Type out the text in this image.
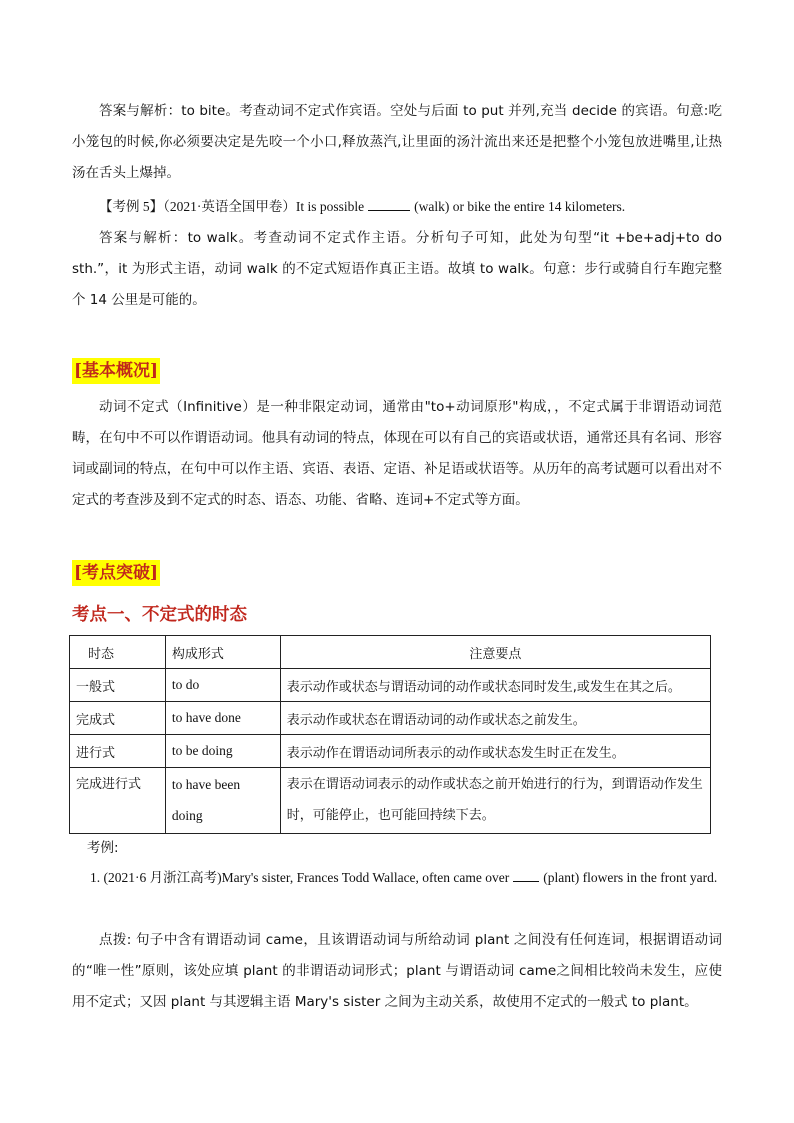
答案与解析：to bite。考查动词不定式作宾语。空处与后面 to put 并列,充当 decide 的宾语。句意:吃小笼包的时候,你必须要决定是先咬一个小口,释放蒸汽,让里面的汤汁流出来还是把整个小笼包放进嘴里,让热汤在舌头上爆掉。

【考例 5】（2021·英语全国甲卷）It is possible	(walk) or bike the entire 14 kilometers.

答案与解析：to walk。考查动词不定式作主语。分析句子可知，此处为句型“it +be+adj+to do sth.”，it 为形式主语，动词 walk 的不定式短语作真正主语。故填 to walk。句意：步行或骑自行车跑完整个 14 公里是可能的。

[基本概况]

动词不定式（Infinitive）是一种非限定动词，通常由"to+动词原形"构成，，不定式属于非谓语动词范畴，在句中不可以作谓语动词。他具有动词的特点，体现在可以有自己的宾语或状语，通常还具有名词、形容词或副词的特点，在句中可以作主语、宾语、表语、定语、补足语或状语等。从历年的高考试题可以看出对不定式的考查涉及到不定式的时态、语态、功能、省略、连词+不定式等方面。

[考点突破]
考点一、不定式的时态
时态	构成形式	注意要点
一般式	to do	表示动作或状态与谓语动词的动作或状态同时发生,或发生在其之后。
完成式	to have done	表示动作或状态在谓语动词的动作或状态之前发生。
进行式	to be doing	表示动作在谓语动词所表示的动作或状态发生时正在发生。
完成进行式	to have been doing	表示在谓语动词表示的动作或状态之前开始进行的行为，到谓语动作发生时，可能停止，也可能回持续下去。
考例:

1. (2021·6 月浙江高考)Mary's sister, Frances Todd Wallace, often came over	(plant) flowers in the front yard.

点拨: 句子中含有谓语动词 came，且该谓语动词与所给动词 plant 之间没有任何连词，根据谓语动词的“唯一性”原则，该处应填 plant 的非谓语动词形式；plant 与谓语动词 came之间相比较尚未发生，应使用不定式；又因 plant 与其逻辑主语 Mary's sister 之间为主动关系，故使用不定式的一般式 to plant。
